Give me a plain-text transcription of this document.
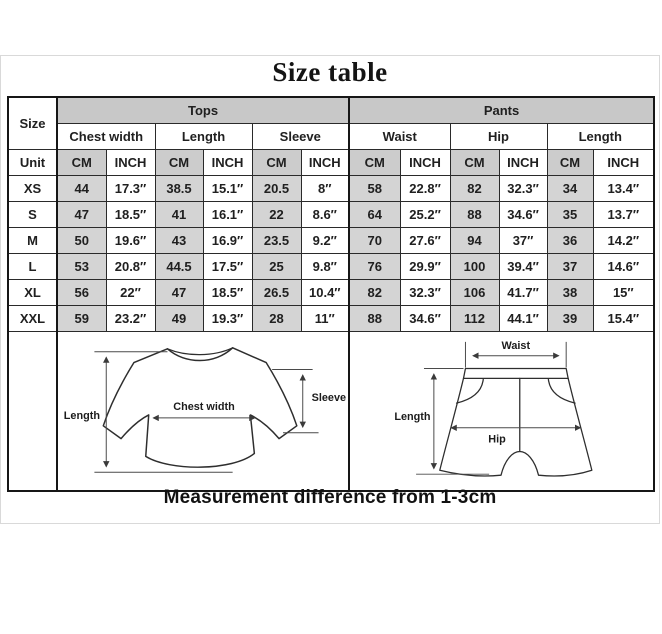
Size table
Size	Tops						Pants					
	Chest width		Length		Sleeve		Waist		Hip		Length	
Unit	CM	INCH	CM	INCH	CM	INCH	CM	INCH	CM	INCH	CM	INCH
XS	44	17.3″	38.5	15.1″	20.5	8″	58	22.8″	82	32.3″	34	13.4″
S	47	18.5″	41	16.1″	22	8.6″	64	25.2″	88	34.6″	35	13.7″
M	50	19.6″	43	16.9″	23.5	9.2″	70	27.6″	94	37″	36	14.2″
L	53	20.8″	44.5	17.5″	25	9.8″	76	29.9″	100	39.4″	37	14.6″
XL	56	22″	47	18.5″	26.5	10.4″	82	32.3″	106	41.7″	38	15″
XXL	59	23.2″	49	19.3″	28	11″	88	34.6″	112	44.1″	39	15.4″

Length
Chest width
Sleeve						Waist
Length
Hip					
Measurement difference from 1-3cm
